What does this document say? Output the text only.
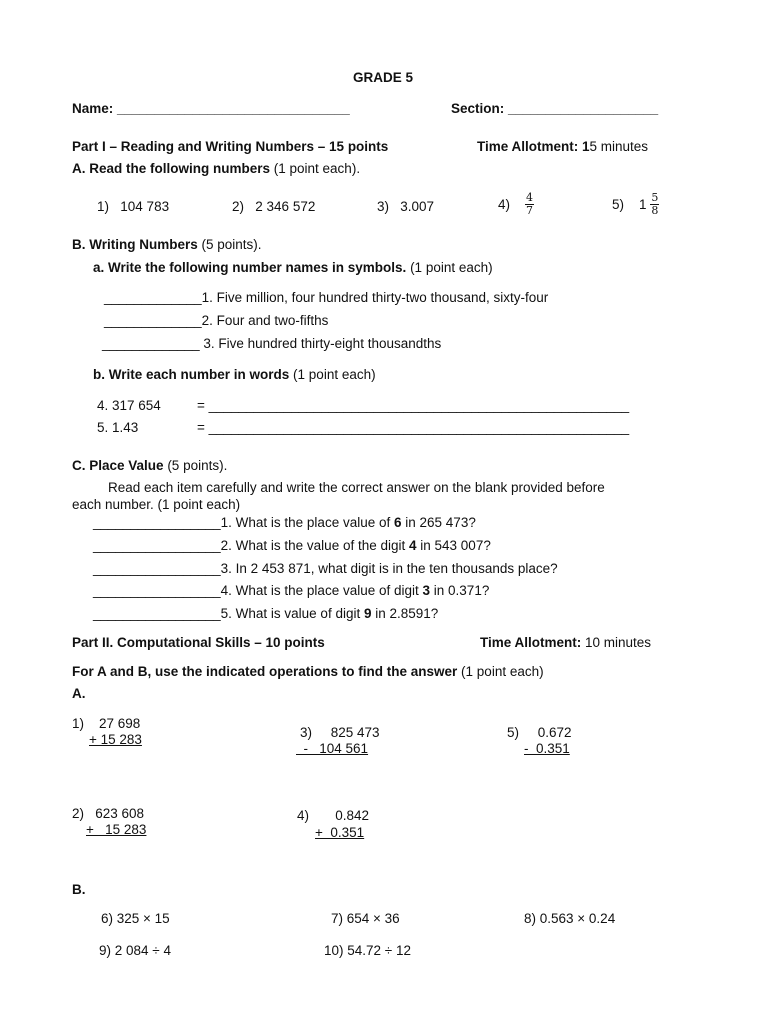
GRADE 5
Name: _______________________________	Section: ____________________
Part I – Reading and Writing Numbers – 15 points	Time Allotment: 15 minutes
A. Read the following numbers (1 point each).
1) 104 783	2) 2 346 572	3) 3.007	$4) \frac{4}{7}$	5) $1 \frac{5}{8}$
B. Writing Numbers (5 points).
a. Write the following number names in symbols. (1 point each)
_____________1. Five million, four hundred thirty-two thousand, sixty-four
_____________2. Four and two-fifths
_____________ 3. Five hundred thirty-eight thousandths
b. Write each number in words (1 point each)
4. 317 654	= ________________________________________________________
5. 1.43	= ________________________________________________________
C. Place Value (5 points).
Read each item carefully and write the correct answer on the blank provided before
each number. (1 point each)
_________________1. What is the place value of 6 in 265 473?
_________________2. What is the value of the digit 4 in 543 007?
_________________3. In 2 453 871, what digit is in the ten thousands place?
_________________4. What is the place value of digit 3 in 0.371?
_________________5. What is value of digit 9 in 2.8591?
Part II. Computational Skills – 10 points	Time Allotment: 10 minutes
For A and B, use the indicated operations to find the answer (1 point each)
A.
1)    27 698
+ 15 283
2)   623 608
+   15 283
3)     825 473
-   104 561
4)       0.842
+  0.351
5)     0.672
-  0.351
B.
6) 325 × 15	7) 654 × 36	8) 0.563 × 0.24
9) 2 084 ÷ 4	10) 54.72 ÷ 12
